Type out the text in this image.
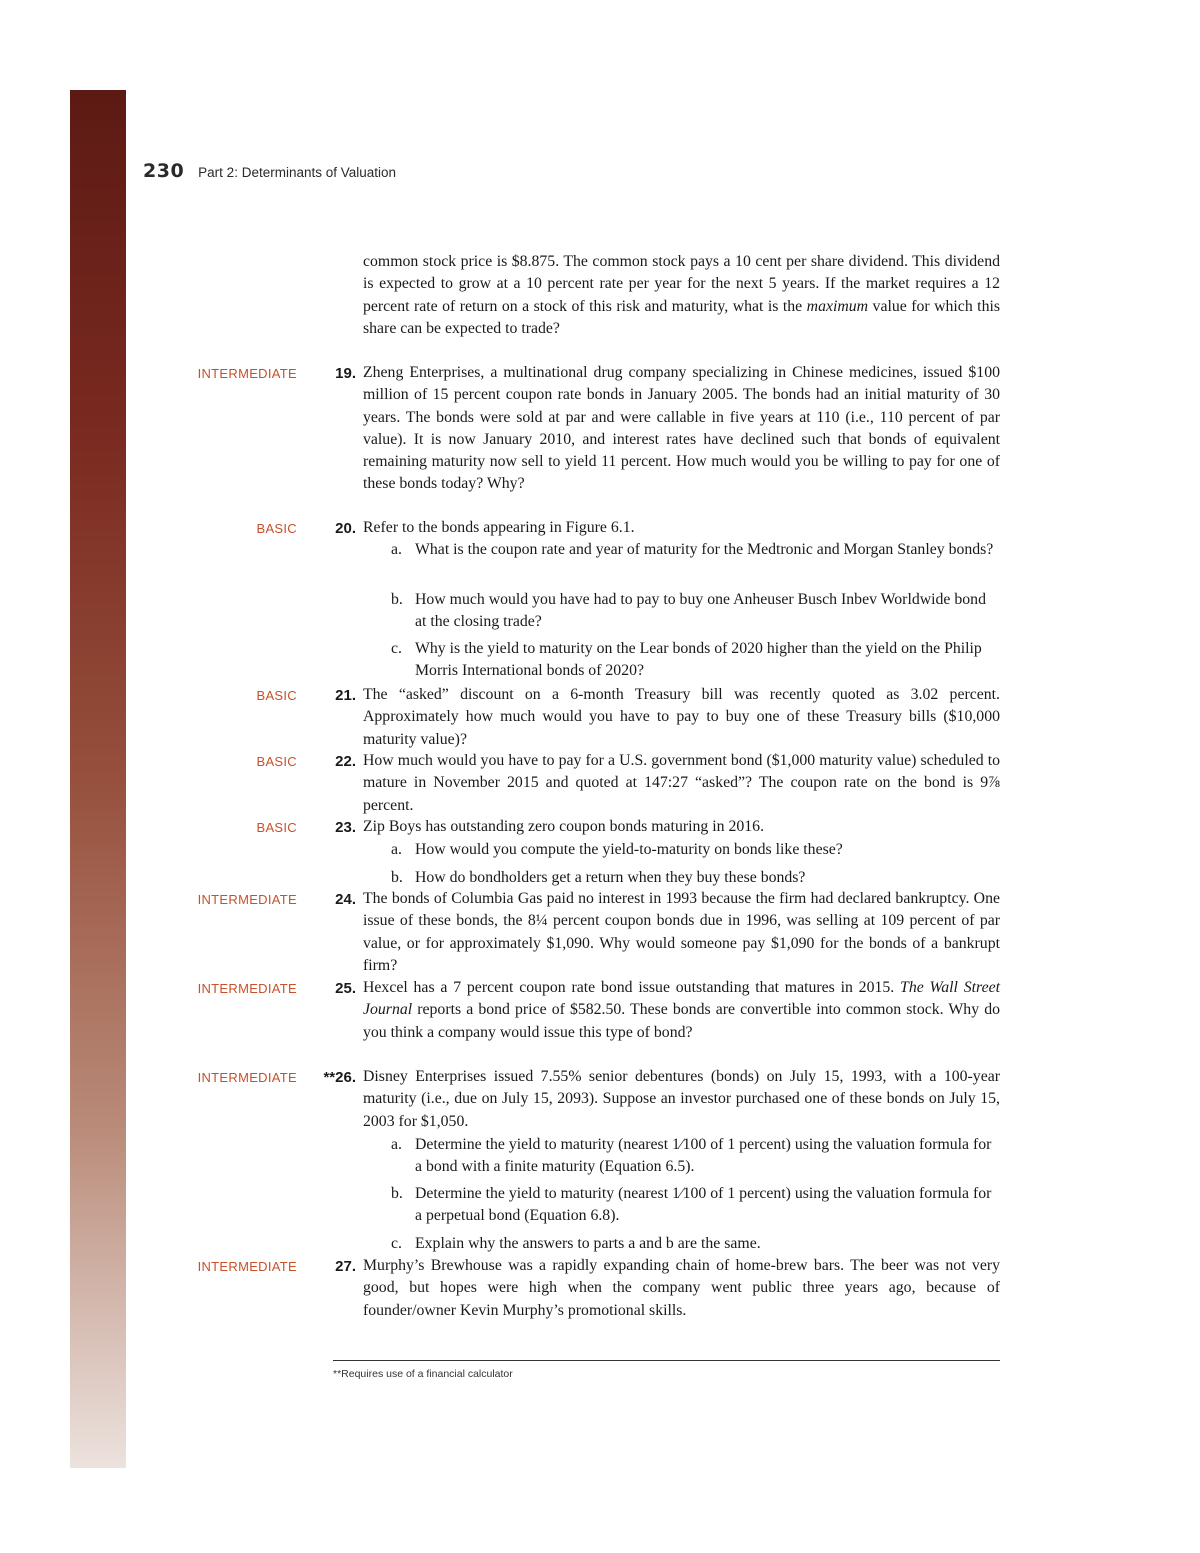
230 Part 2: Determinants of Valuation
common stock price is $8.875. The common stock pays a 10 cent per share dividend. This dividend is expected to grow at a 10 percent rate per year for the next 5 years. If the market requires a 12 percent rate of return on a stock of this risk and maturity, what is the maximum value for which this share can be expected to trade?
INTERMEDIATE	19. Zheng Enterprises, a multinational drug company specializing in Chinese medicines, issued $100 million of 15 percent coupon rate bonds in January 2005. The bonds had an initial maturity of 30 years. The bonds were sold at par and were callable in five years at 110 (i.e., 110 percent of par value). It is now January 2010, and interest rates have declined such that bonds of equivalent remaining maturity now sell to yield 11 percent. How much would you be willing to pay for one of these bonds today? Why?
BASIC	20. Refer to the bonds appearing in Figure 6.1.
a. What is the coupon rate and year of maturity for the Medtronic and Morgan Stanley bonds?
b. How much would you have had to pay to buy one Anheuser Busch Inbev Worldwide bond at the closing trade?
c. Why is the yield to maturity on the Lear bonds of 2020 higher than the yield on the Philip Morris International bonds of 2020?
BASIC	21. The “asked” discount on a 6-month Treasury bill was recently quoted as 3.02 percent. Approximately how much would you have to pay to buy one of these Treasury bills ($10,000 maturity value)?
BASIC	22. How much would you have to pay for a U.S. government bond ($1,000 maturity value) scheduled to mature in November 2015 and quoted at 147:27 “asked”? The coupon rate on the bond is 9⅞ percent.
BASIC	23. Zip Boys has outstanding zero coupon bonds maturing in 2016.
a. How would you compute the yield-to-maturity on bonds like these?
b. How do bondholders get a return when they buy these bonds?
INTERMEDIATE	24. The bonds of Columbia Gas paid no interest in 1993 because the firm had declared bankruptcy. One issue of these bonds, the 8¼ percent coupon bonds due in 1996, was selling at 109 percent of par value, or for approximately $1,090. Why would someone pay $1,090 for the bonds of a bankrupt firm?
INTERMEDIATE	25. Hexcel has a 7 percent coupon rate bond issue outstanding that matures in 2015. The Wall Street Journal reports a bond price of $582.50. These bonds are convertible into common stock. Why do you think a company would issue this type of bond?
INTERMEDIATE **26. Disney Enterprises issued 7.55% senior debentures (bonds) on July 15, 1993, with a 100-year maturity (i.e., due on July 15, 2093). Suppose an investor purchased one of these bonds on July 15, 2003 for $1,050.
a. Determine the yield to maturity (nearest 1⁄100 of 1 percent) using the valuation formula for a bond with a finite maturity (Equation 6.5).
b. Determine the yield to maturity (nearest 1⁄100 of 1 percent) using the valuation formula for a perpetual bond (Equation 6.8).
c. Explain why the answers to parts a and b are the same.
INTERMEDIATE	27. Murphy’s Brewhouse was a rapidly expanding chain of home-brew bars. The beer was not very good, but hopes were high when the company went public three years ago, because of founder/owner Kevin Murphy’s promotional skills.
**Requires use of a financial calculator
